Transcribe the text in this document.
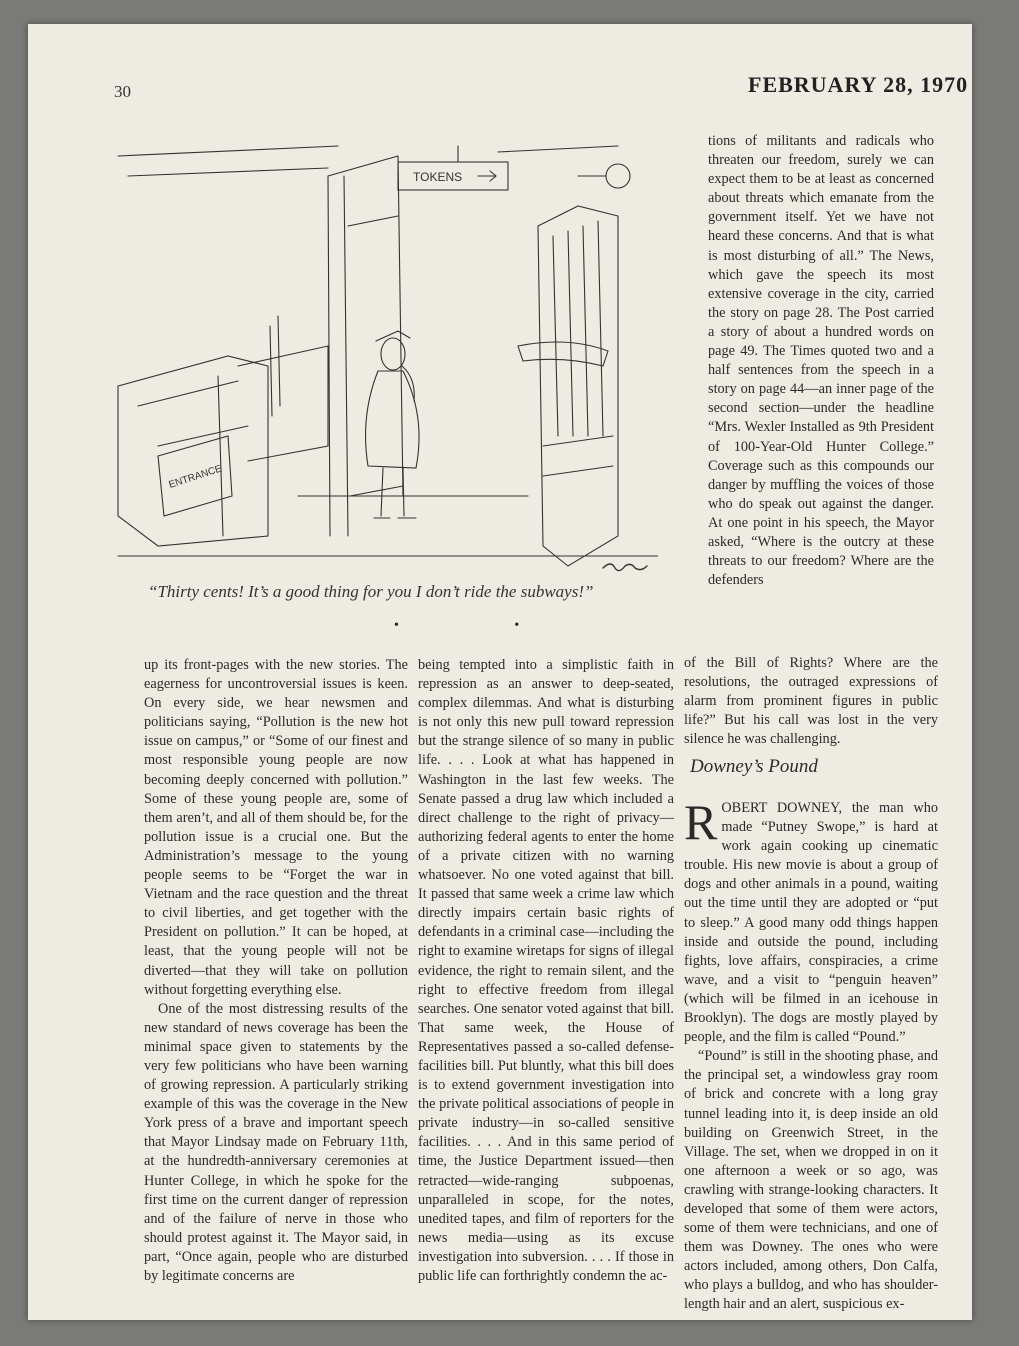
30	FEBRUARY 28, 1970
TOKENS
ENTRANCE
“Thirty cents! It’s a good thing for you I don’t ride the subways!”
• •

up its front-pages with the new stories. The eagerness for uncontroversial issues is keen. On every side, we hear newsmen and politicians saying, “Pollution is the new hot issue on campus,” or “Some of our finest and most responsible young people are now becoming deeply concerned with pollution.” Some of these young people are, some of them aren’t, and all of them should be, for the pollution issue is a crucial one. But the Administration’s message to the young people seems to be “Forget the war in Vietnam and the race question and the threat to civil liberties, and get together with the President on pollution.” It can be hoped, at least, that the young people will not be diverted—that they will take on pollution without forgetting everything else.

One of the most distressing results of the new standard of news coverage has been the minimal space given to statements by the very few politicians who have been warning of growing repression. A particularly striking example of this was the coverage in the New York press of a brave and important speech that Mayor Lindsay made on February 11th, at the hundredth-anniversary ceremonies at Hunter College, in which he spoke for the first time on the current danger of repression and of the failure of nerve in those who should protest against it. The Mayor said, in part, “Once again, people who are disturbed by legitimate concerns are

being tempted into a simplistic faith in repression as an answer to deep-seated, complex dilemmas. And what is disturbing is not only this new pull toward repression but the strange silence of so many in public life. . . . Look at what has happened in Washington in the last few weeks. The Senate passed a drug law which included a direct challenge to the right of privacy—authorizing federal agents to enter the home of a private citizen with no warning whatsoever. No one voted against that bill. It passed that same week a crime law which directly impairs certain basic rights of defendants in a criminal case—including the right to examine wiretaps for signs of illegal evidence, the right to remain silent, and the right to effective freedom from illegal searches. One senator voted against that bill. That same week, the House of Representatives passed a so-called defense-facilities bill. Put bluntly, what this bill does is to extend government investigation into the private political associations of people in private industry—in so-called sensitive facilities. . . . And in this same period of time, the Justice Department issued—then retracted—wide-ranging subpoenas, unparalleled in scope, for the notes, unedited tapes, and film of reporters for the news media—using as its excuse investigation into subversion. . . . If those in public life can forthrightly condemn the ac-

tions of militants and radicals who threaten our freedom, surely we can expect them to be at least as concerned about threats which emanate from the government itself. Yet we have not heard these concerns. And that is what is most disturbing of all.” The News, which gave the speech its most extensive coverage in the city, carried the story on page 28. The Post carried a story of about a hundred words on page 49. The Times quoted two and a half sentences from the speech in a story on page 44—an inner page of the second section—under the headline “Mrs. Wexler Installed as 9th President of 100-Year-Old Hunter College.” Coverage such as this compounds our danger by muffling the voices of those who do speak out against the danger. At one point in his speech, the Mayor asked, “Where is the outcry at these threats to our freedom? Where are the defenders

of the Bill of Rights? Where are the resolutions, the outraged expressions of alarm from prominent figures in public life?” But his call was lost in the very silence he was challenging.

Downey’s Pound

ROBERT DOWNEY, the man who made “Putney Swope,” is hard at work again cooking up cinematic trouble. His new movie is about a group of dogs and other animals in a pound, waiting out the time until they are adopted or “put to sleep.” A good many odd things happen inside and outside the pound, including fights, love affairs, conspiracies, a crime wave, and a visit to “penguin heaven” (which will be filmed in an icehouse in Brooklyn). The dogs are mostly played by people, and the film is called “Pound.”

“Pound” is still in the shooting phase, and the principal set, a windowless gray room of brick and concrete with a long gray tunnel leading into it, is deep inside an old building on Greenwich Street, in the Village. The set, when we dropped in on it one afternoon a week or so ago, was crawling with strange-looking characters. It developed that some of them were actors, some of them were technicians, and one of them was Downey. The ones who were actors included, among others, Don Calfa, who plays a bulldog, and who has shoulder-length hair and an alert, suspicious ex-
